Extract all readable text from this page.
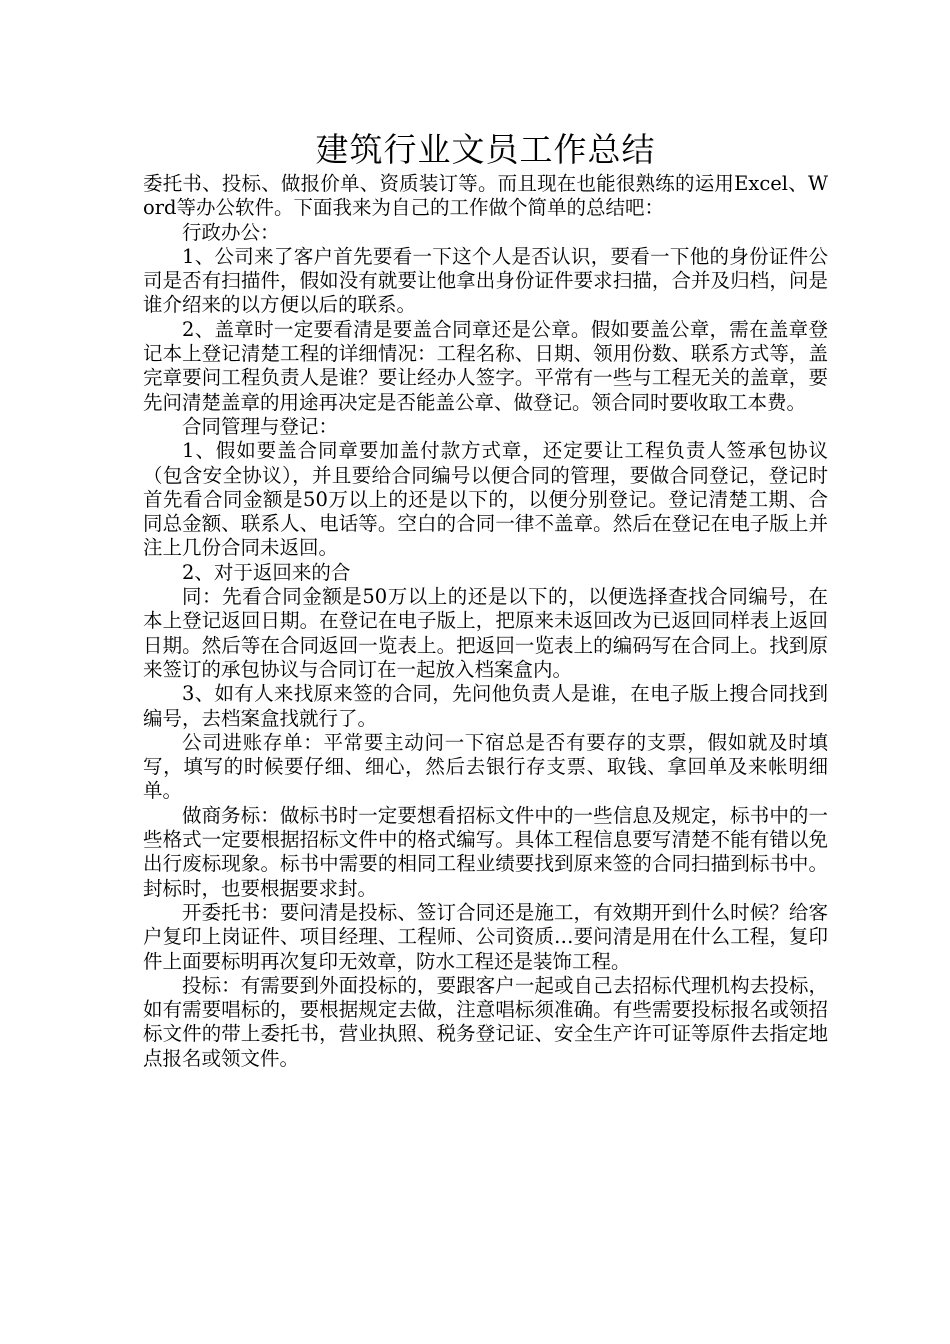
建筑行业文员工作总结

委托书、投标、做报价单、资质装订等。而且现在也能很熟练的运用Excel、Word等办公软件。下面我来为自己的工作做个简单的总结吧：

行政办公：

1、公司来了客户首先要看一下这个人是否认识，要看一下他的身份证件公司是否有扫描件，假如没有就要让他拿出身份证件要求扫描，合并及归档，问是谁介绍来的以方便以后的联系。

2、盖章时一定要看清是要盖合同章还是公章。假如要盖公章，需在盖章登记本上登记清楚工程的详细情况：工程名称、日期、领用份数、联系方式等，盖完章要问工程负责人是谁？要让经办人签字。平常有一些与工程无关的盖章，要先问清楚盖章的用途再决定是否能盖公章、做登记。领合同时要收取工本费。

合同管理与登记：

1、假如要盖合同章要加盖付款方式章，还定要让工程负责人签承包协议（包含安全协议），并且要给合同编号以便合同的管理，要做合同登记，登记时首先看合同金额是50万以上的还是以下的，以便分别登记。登记清楚工期、合同总金额、联系人、电话等。空白的合同一律不盖章。然后在登记在电子版上并注上几份合同未返回。

2、对于返回来的合

同：先看合同金额是50万以上的还是以下的，以便选择查找合同编号，在本上登记返回日期。在登记在电子版上，把原来未返回改为已返回同样表上返回日期。然后等在合同返回一览表上。把返回一览表上的编码写在合同上。找到原来签订的承包协议与合同订在一起放入档案盒内。

3、如有人来找原来签的合同，先问他负责人是谁，在电子版上搜合同找到编号，去档案盒找就行了。

公司进账存单：平常要主动问一下宿总是否有要存的支票，假如就及时填写，填写的时候要仔细、细心，然后去银行存支票、取钱、拿回单及来帐明细单。

做商务标：做标书时一定要想看招标文件中的一些信息及规定，标书中的一些格式一定要根据招标文件中的格式编写。具体工程信息要写清楚不能有错以免出行废标现象。标书中需要的相同工程业绩要找到原来签的合同扫描到标书中。封标时，也要根据要求封。

开委托书：要问清是投标、签订合同还是施工，有效期开到什么时候？给客户复印上岗证件、项目经理、工程师、公司资质…要问清是用在什么工程，复印件上面要标明再次复印无效章，防水工程还是装饰工程。

投标：有需要到外面投标的，要跟客户一起或自己去招标代理机构去投标，如有需要唱标的，要根据规定去做，注意唱标须准确。有些需要投标报名或领招标文件的带上委托书，营业执照、税务登记证、安全生产许可证等原件去指定地点报名或领文件。
